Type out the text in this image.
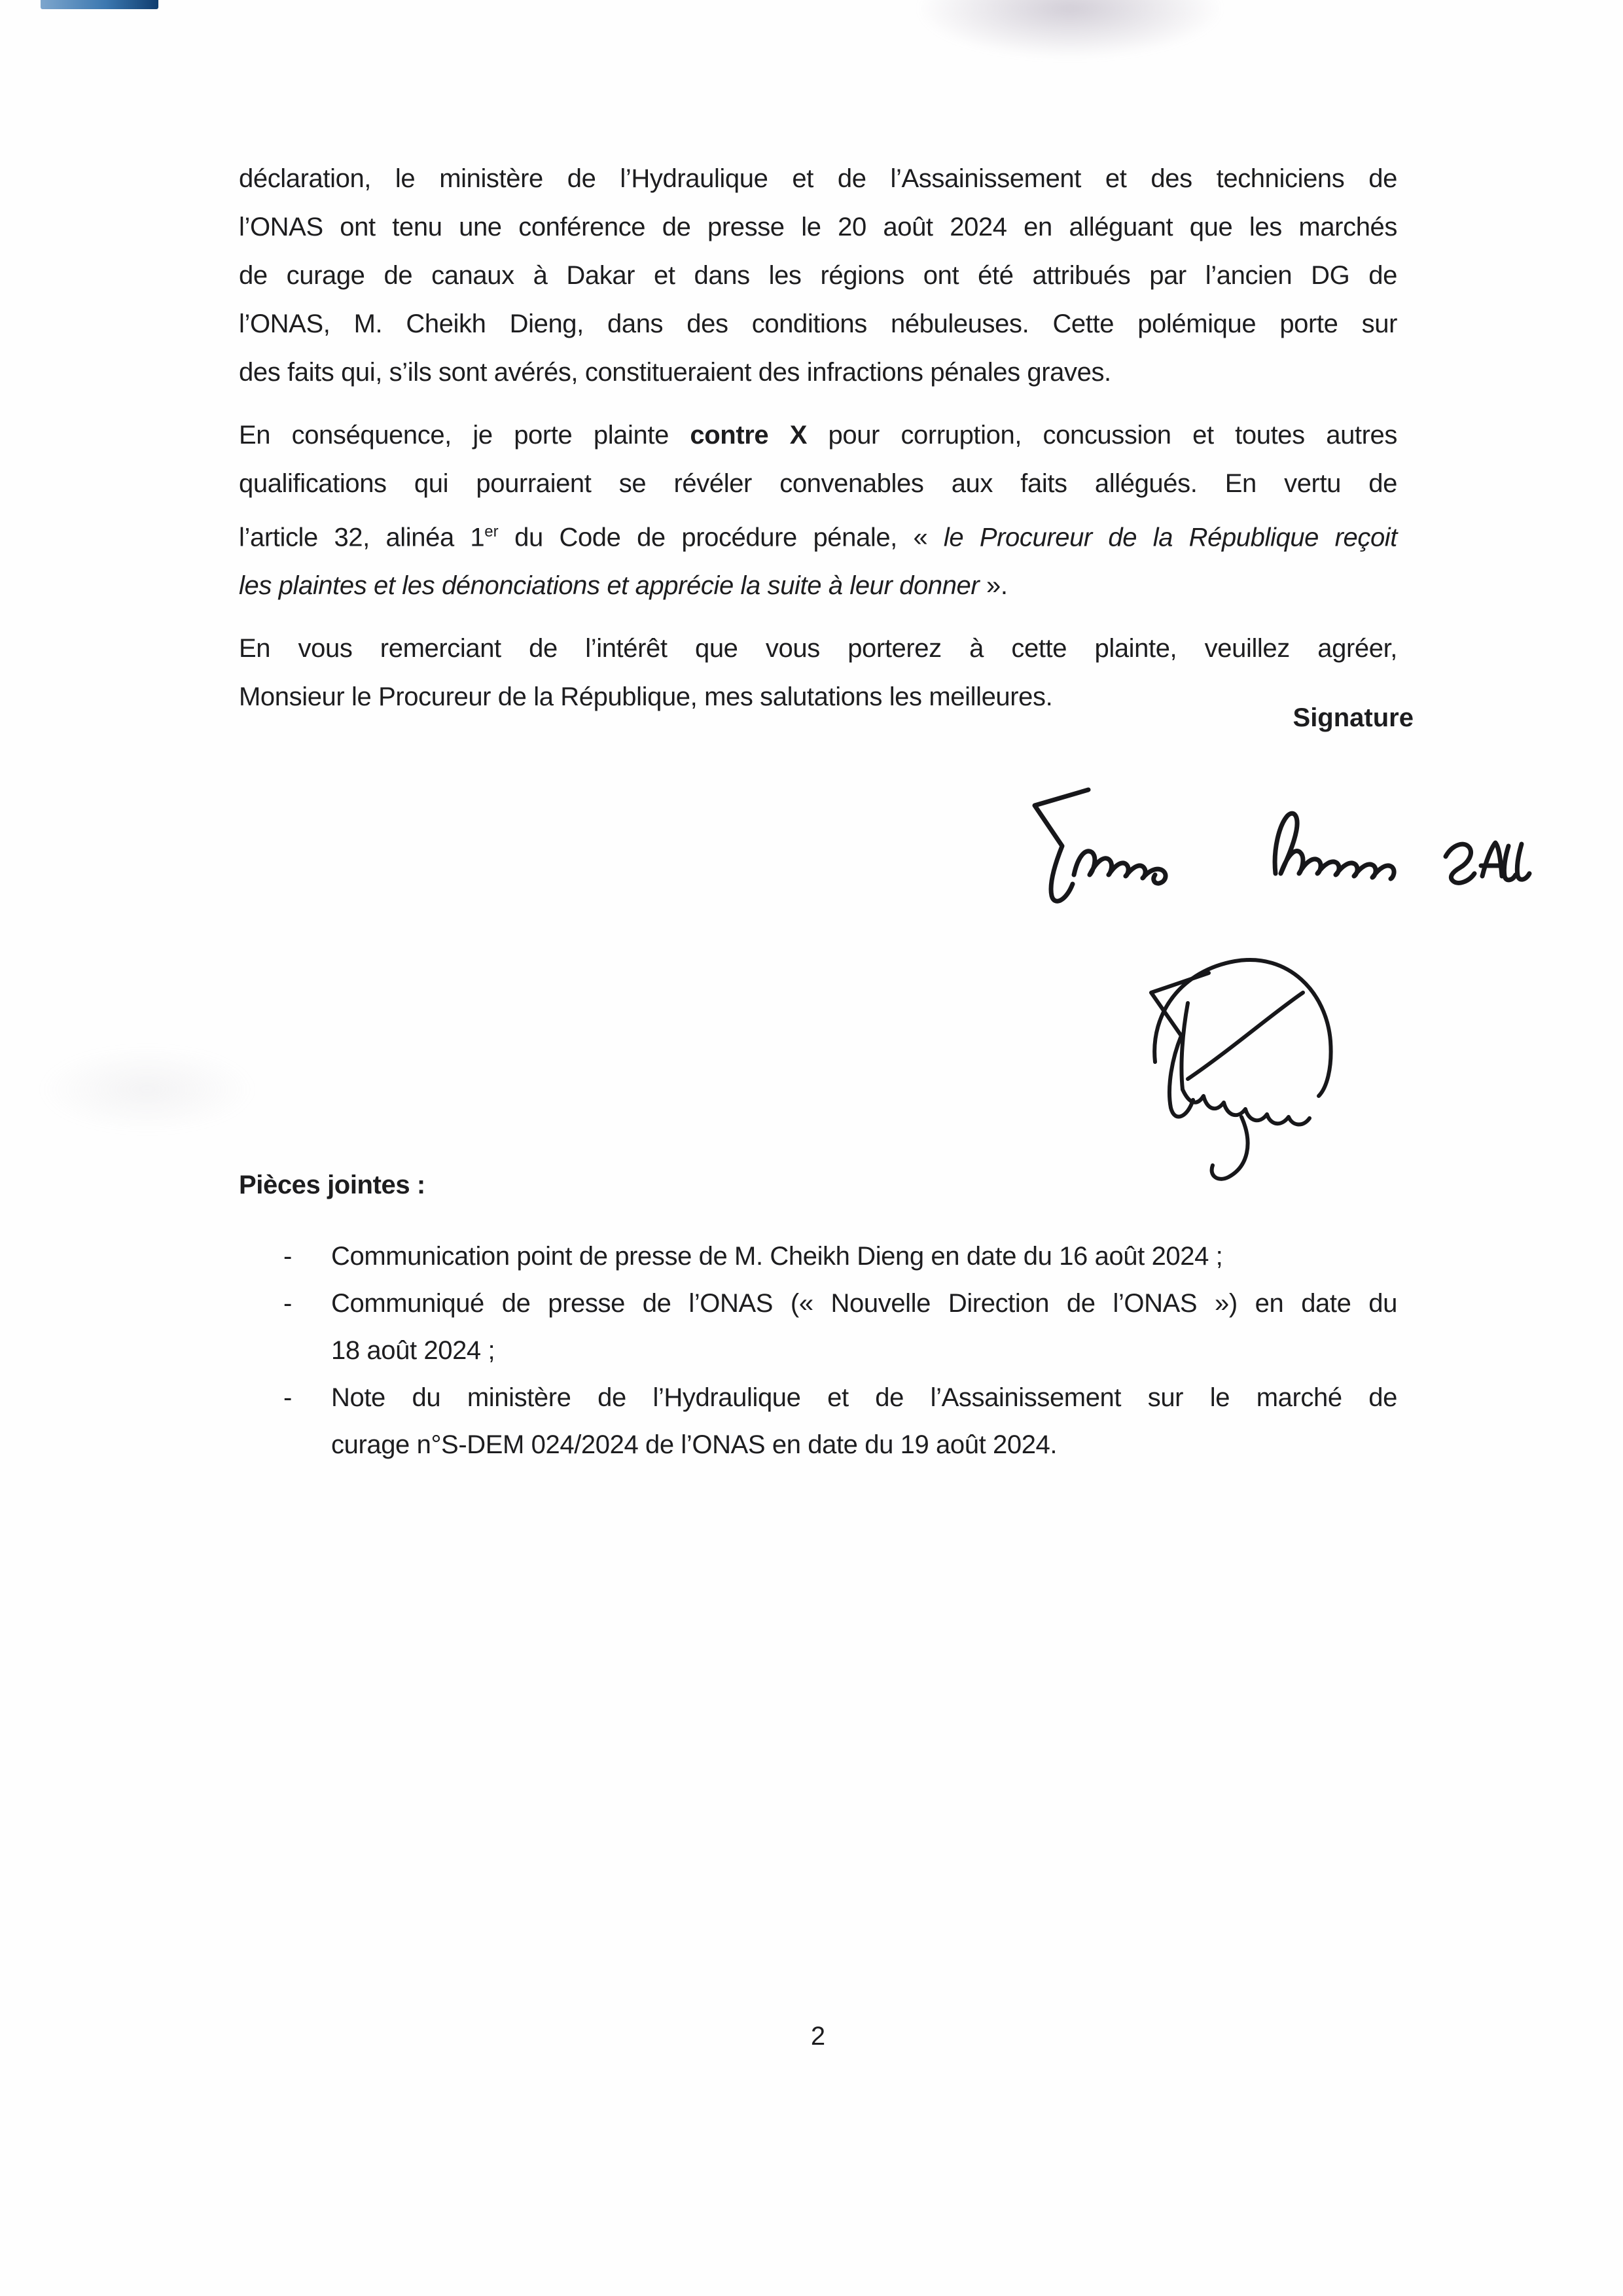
déclaration, le ministère de l’Hydraulique et de l’Assainissement et des techniciens de
l’ONAS ont tenu une conférence de presse le 20 août 2024 en alléguant que les marchés
de curage de canaux à Dakar et dans les régions ont été attribués par l’ancien DG de
l’ONAS, M. Cheikh Dieng, dans des conditions nébuleuses. Cette polémique porte sur
des faits qui, s’ils sont avérés, constitueraient des infractions pénales graves.
En conséquence, je porte plainte contre X pour corruption, concussion et toutes autres
qualifications qui pourraient se révéler convenables aux faits allégués. En vertu de
l’article 32, alinéa 1er du Code de procédure pénale, « le Procureur de la République reçoit
les plaintes et les dénonciations et apprécie la suite à leur donner ».
En vous remerciant de l’intérêt que vous porterez à cette plainte, veuillez agréer,
Monsieur le Procureur de la République, mes salutations les meilleures.
Signature
Pièces jointes :
- Communication point de presse de M. Cheikh Dieng en date du 16 août 2024 ;
- Communiqué de presse de l’ONAS (« Nouvelle Direction de l’ONAS ») en date du
18 août 2024 ;
- Note du ministère de l’Hydraulique et de l’Assainissement sur le marché de
curage n°S-DEM 024/2024 de l’ONAS en date du 19 août 2024.
2
